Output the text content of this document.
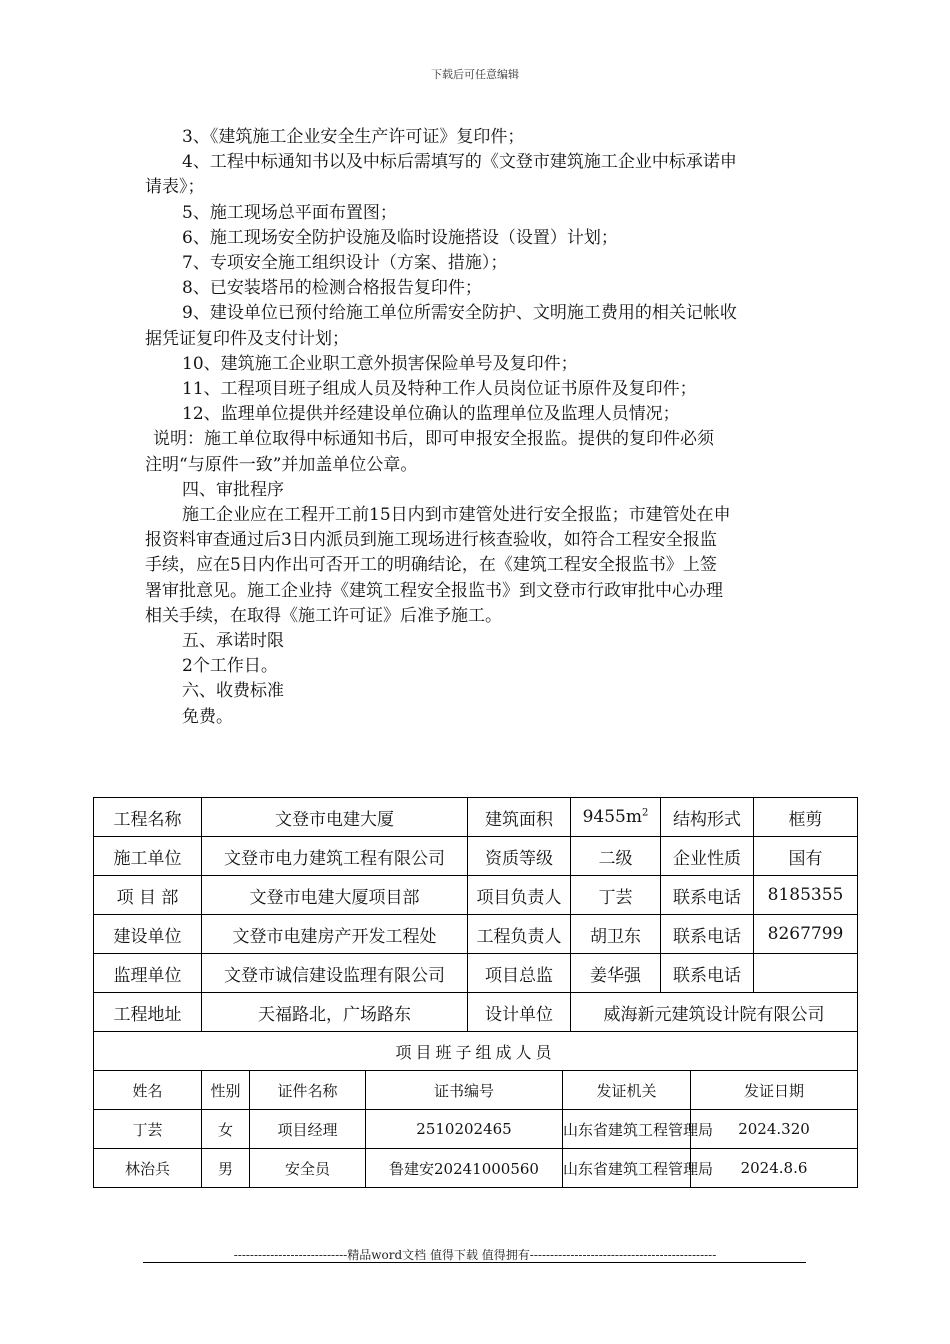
下载后可任意编辑
3、《建筑施工企业安全生产许可证》复印件；
4、工程中标通知书以及中标后需填写的《文登市建筑施工企业中标承诺申
请表》；
5、施工现场总平面布置图；
6、施工现场安全防护设施及临时设施搭设（设置）计划；
7、专项安全施工组织设计（方案、措施）；
8、已安装塔吊的检测合格报告复印件；
9、建设单位已预付给施工单位所需安全防护、文明施工费用的相关记帐收
据凭证复印件及支付计划；
10、建筑施工企业职工意外损害保险单号及复印件；
11、工程项目班子组成人员及特种工作人员岗位证书原件及复印件；
12、监理单位提供并经建设单位确认的监理单位及监理人员情况；
说明：施工单位取得中标通知书后，即可申报安全报监。提供的复印件必须
注明“与原件一致”并加盖单位公章。
四、审批程序
施工企业应在工程开工前15日内到市建管处进行安全报监；市建管处在申
报资料审查通过后3日内派员到施工现场进行核查验收，如符合工程安全报监
手续，应在5日内作出可否开工的明确结论，在《建筑工程安全报监书》上签
署审批意见。施工企业持《建筑工程安全报监书》到文登市行政审批中心办理
相关手续，在取得《施工许可证》后准予施工。
五、承诺时限
2个工作日。
六、收费标准
免费。
工程名称	文登市电建大厦			建筑面积		$9455m^2$	结构形式		框剪
施工单位	文登市电力建筑工程有限公司			资质等级		二级	企业性质		国有
项 目 部	文登市电建大厦项目部			项目负责人		丁芸	联系电话		8185355
建设单位	文登市电建房产开发工程处			工程负责人		胡卫东	联系电话		8267799
监理单位	文登市诚信建设监理有限公司			项目总监		姜华强	联系电话		
工程地址	天福路北，广场路东			设计单位		威海新元建筑设计院有限公司			
项目班子组成人员									
姓名	性别	证件名称	证书编号		发证机关			发证日期	
丁芸	女	项目经理	2510202465		山东省建筑工程管理局			2024.320	
林治兵	男	安全员	鲁建安20241000560		山东省建筑工程管理局			2024.8.6	
----------------------------精品word文档 值得下载 值得拥有----------------------------------------------
